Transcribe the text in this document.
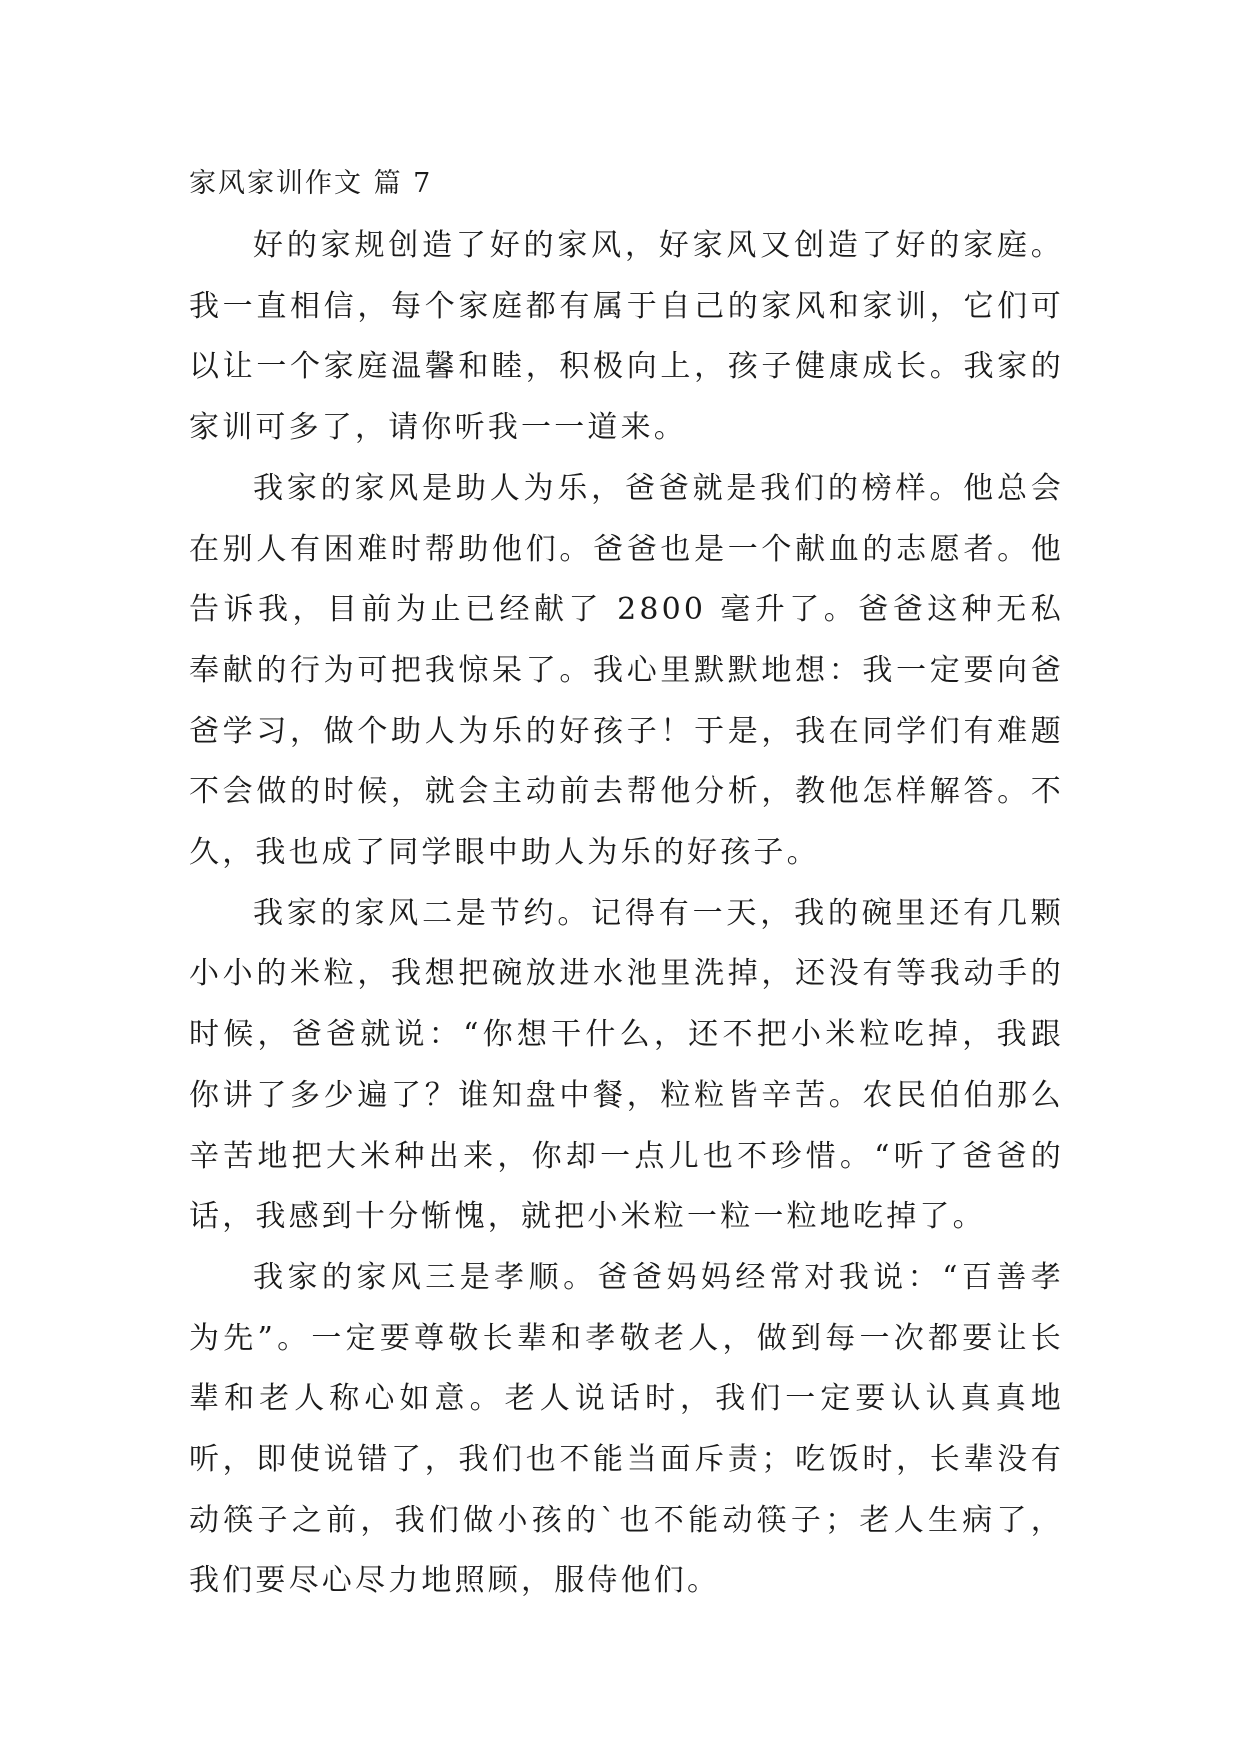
家风家训作文 篇 7

好的家规创造了好的家风，好家风又创造了好的家庭。我一直相信，每个家庭都有属于自己的家风和家训，它们可以让一个家庭温馨和睦，积极向上，孩子健康成长。我家的家训可多了，请你听我一一道来。

我家的家风是助人为乐，爸爸就是我们的榜样。他总会在别人有困难时帮助他们。爸爸也是一个献血的志愿者。他告诉我，目前为止已经献了 2800 毫升了。爸爸这种无私奉献的行为可把我惊呆了。我心里默默地想：我一定要向爸爸学习，做个助人为乐的好孩子！于是，我在同学们有难题不会做的时候，就会主动前去帮他分析，教他怎样解答。不久，我也成了同学眼中助人为乐的好孩子。

我家的家风二是节约。记得有一天，我的碗里还有几颗小小的米粒，我想把碗放进水池里洗掉，还没有等我动手的时候，爸爸就说：“你想干什么，还不把小米粒吃掉，我跟你讲了多少遍了？谁知盘中餐，粒粒皆辛苦。农民伯伯那么辛苦地把大米种出来，你却一点儿也不珍惜。“听了爸爸的话，我感到十分惭愧，就把小米粒一粒一粒地吃掉了。

我家的家风三是孝顺。爸爸妈妈经常对我说：“百善孝为先”。一定要尊敬长辈和孝敬老人，做到每一次都要让长辈和老人称心如意。老人说话时，我们一定要认认真真地听，即使说错了，我们也不能当面斥责；吃饭时，长辈没有动筷子之前，我们做小孩的`也不能动筷子；老人生病了，我们要尽心尽力地照顾，服侍他们。
